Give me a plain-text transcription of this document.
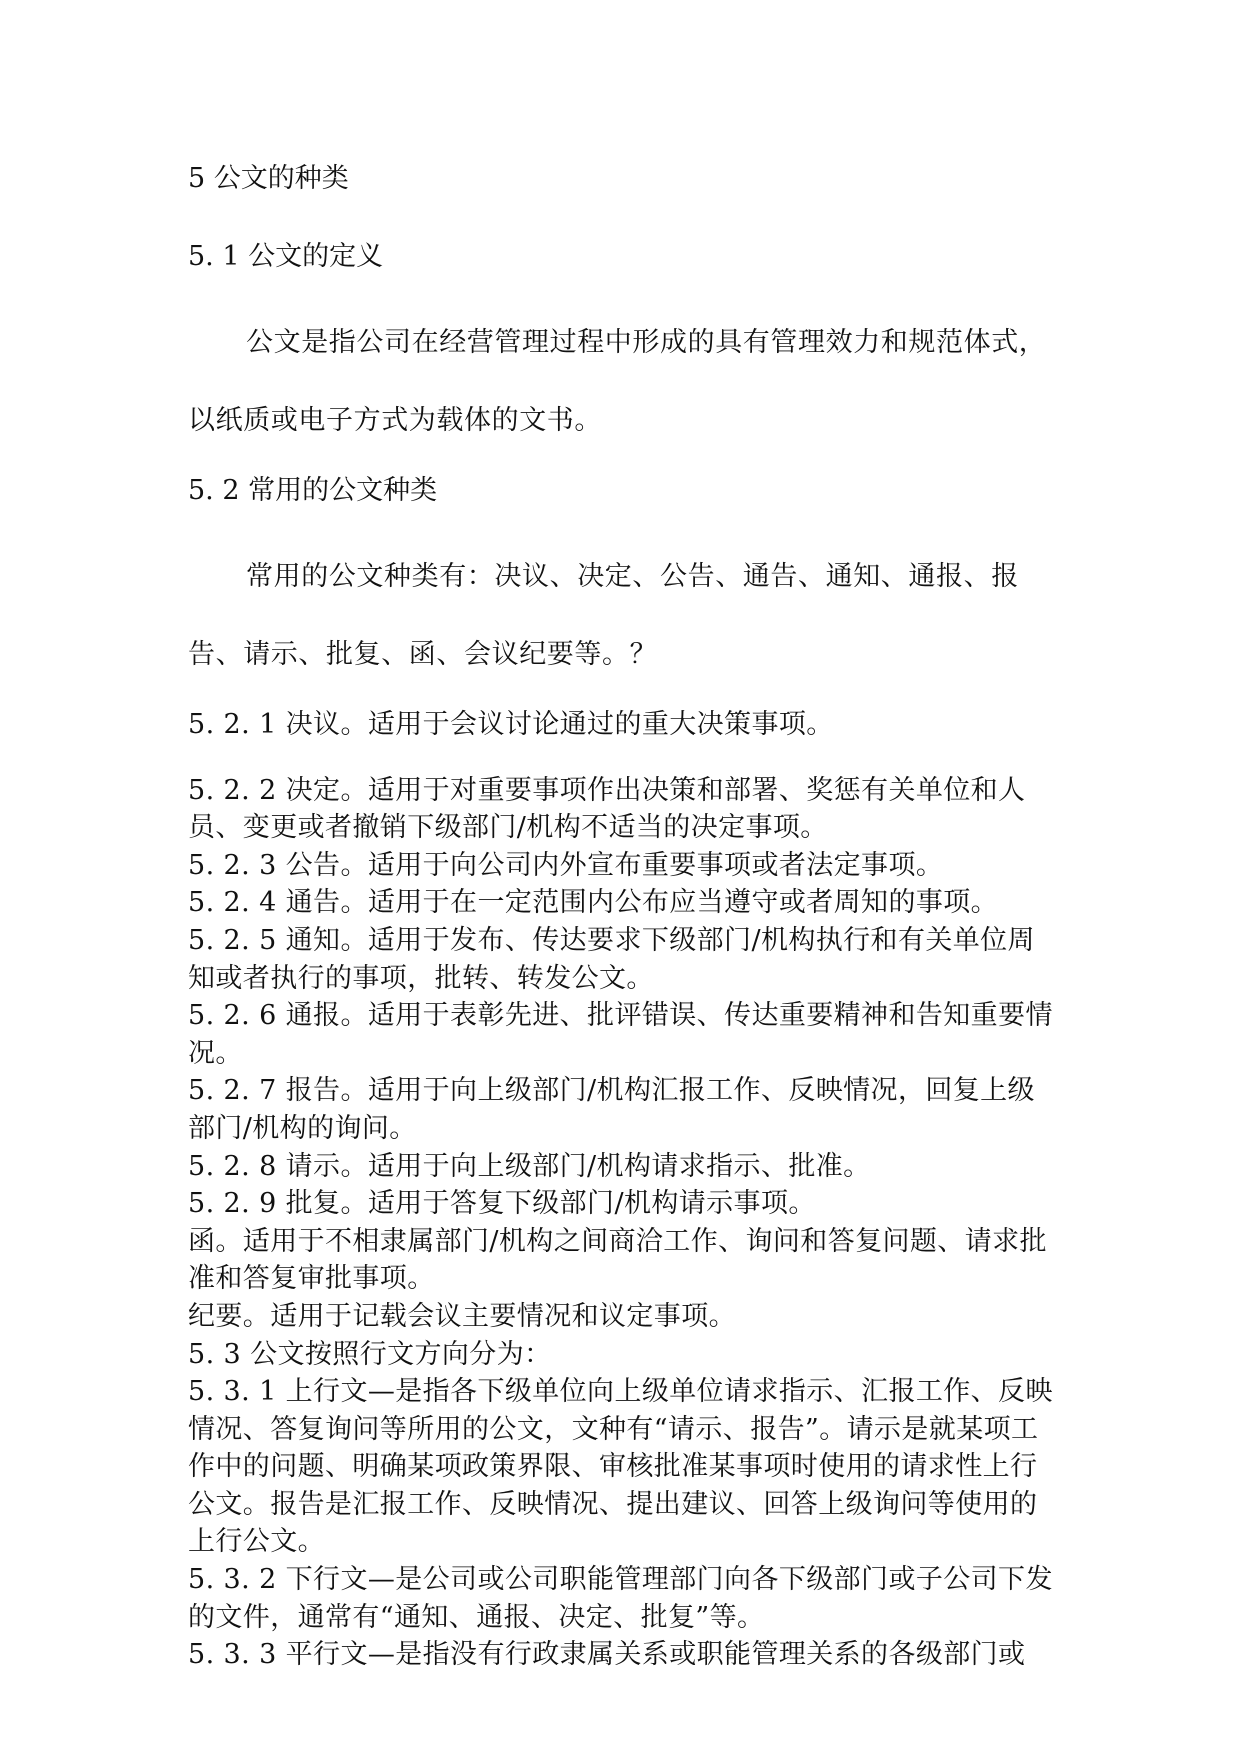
5 公文的种类

5. 1 公文的定义

公文是指公司在经营管理过程中形成的具有管理效力和规范体式，以纸质或电子方式为载体的文书。

5. 2 常用的公文种类

常用的公文种类有：决议、决定、公告、通告、通知、通报、报告、请示、批复、函、会议纪要等。？

5. 2. 1 决议。适用于会议讨论通过的重大决策事项。

5. 2. 2 决定。适用于对重要事项作出决策和部署、奖惩有关单位和人员、变更或者撤销下级部门/机构不适当的决定事项。

5. 2. 3 公告。适用于向公司内外宣布重要事项或者法定事项。

5. 2. 4 通告。适用于在一定范围内公布应当遵守或者周知的事项。

5. 2. 5 通知。适用于发布、传达要求下级部门/机构执行和有关单位周知或者执行的事项，批转、转发公文。

5. 2. 6 通报。适用于表彰先进、批评错误、传达重要精神和告知重要情况。

5. 2. 7 报告。适用于向上级部门/机构汇报工作、反映情况，回复上级部门/机构的询问。

5. 2. 8 请示。适用于向上级部门/机构请求指示、批准。

5. 2. 9 批复。适用于答复下级部门/机构请示事项。

函。适用于不相隶属部门/机构之间商洽工作、询问和答复问题、请求批准和答复审批事项。

纪要。适用于记载会议主要情况和议定事项。

5. 3 公文按照行文方向分为：

5. 3. 1 上行文—是指各下级单位向上级单位请求指示、汇报工作、反映情况、答复询问等所用的公文，文种有“请示、报告”。请示是就某项工作中的问题、明确某项政策界限、审核批准某事项时使用的请求性上行公文。报告是汇报工作、反映情况、提出建议、回答上级询问等使用的上行公文。

5. 3. 2 下行文—是公司或公司职能管理部门向各下级部门或子公司下发的文件，通常有“通知、通报、决定、批复”等。

5. 3. 3 平行文—是指没有行政隶属关系或职能管理关系的各级部门或
